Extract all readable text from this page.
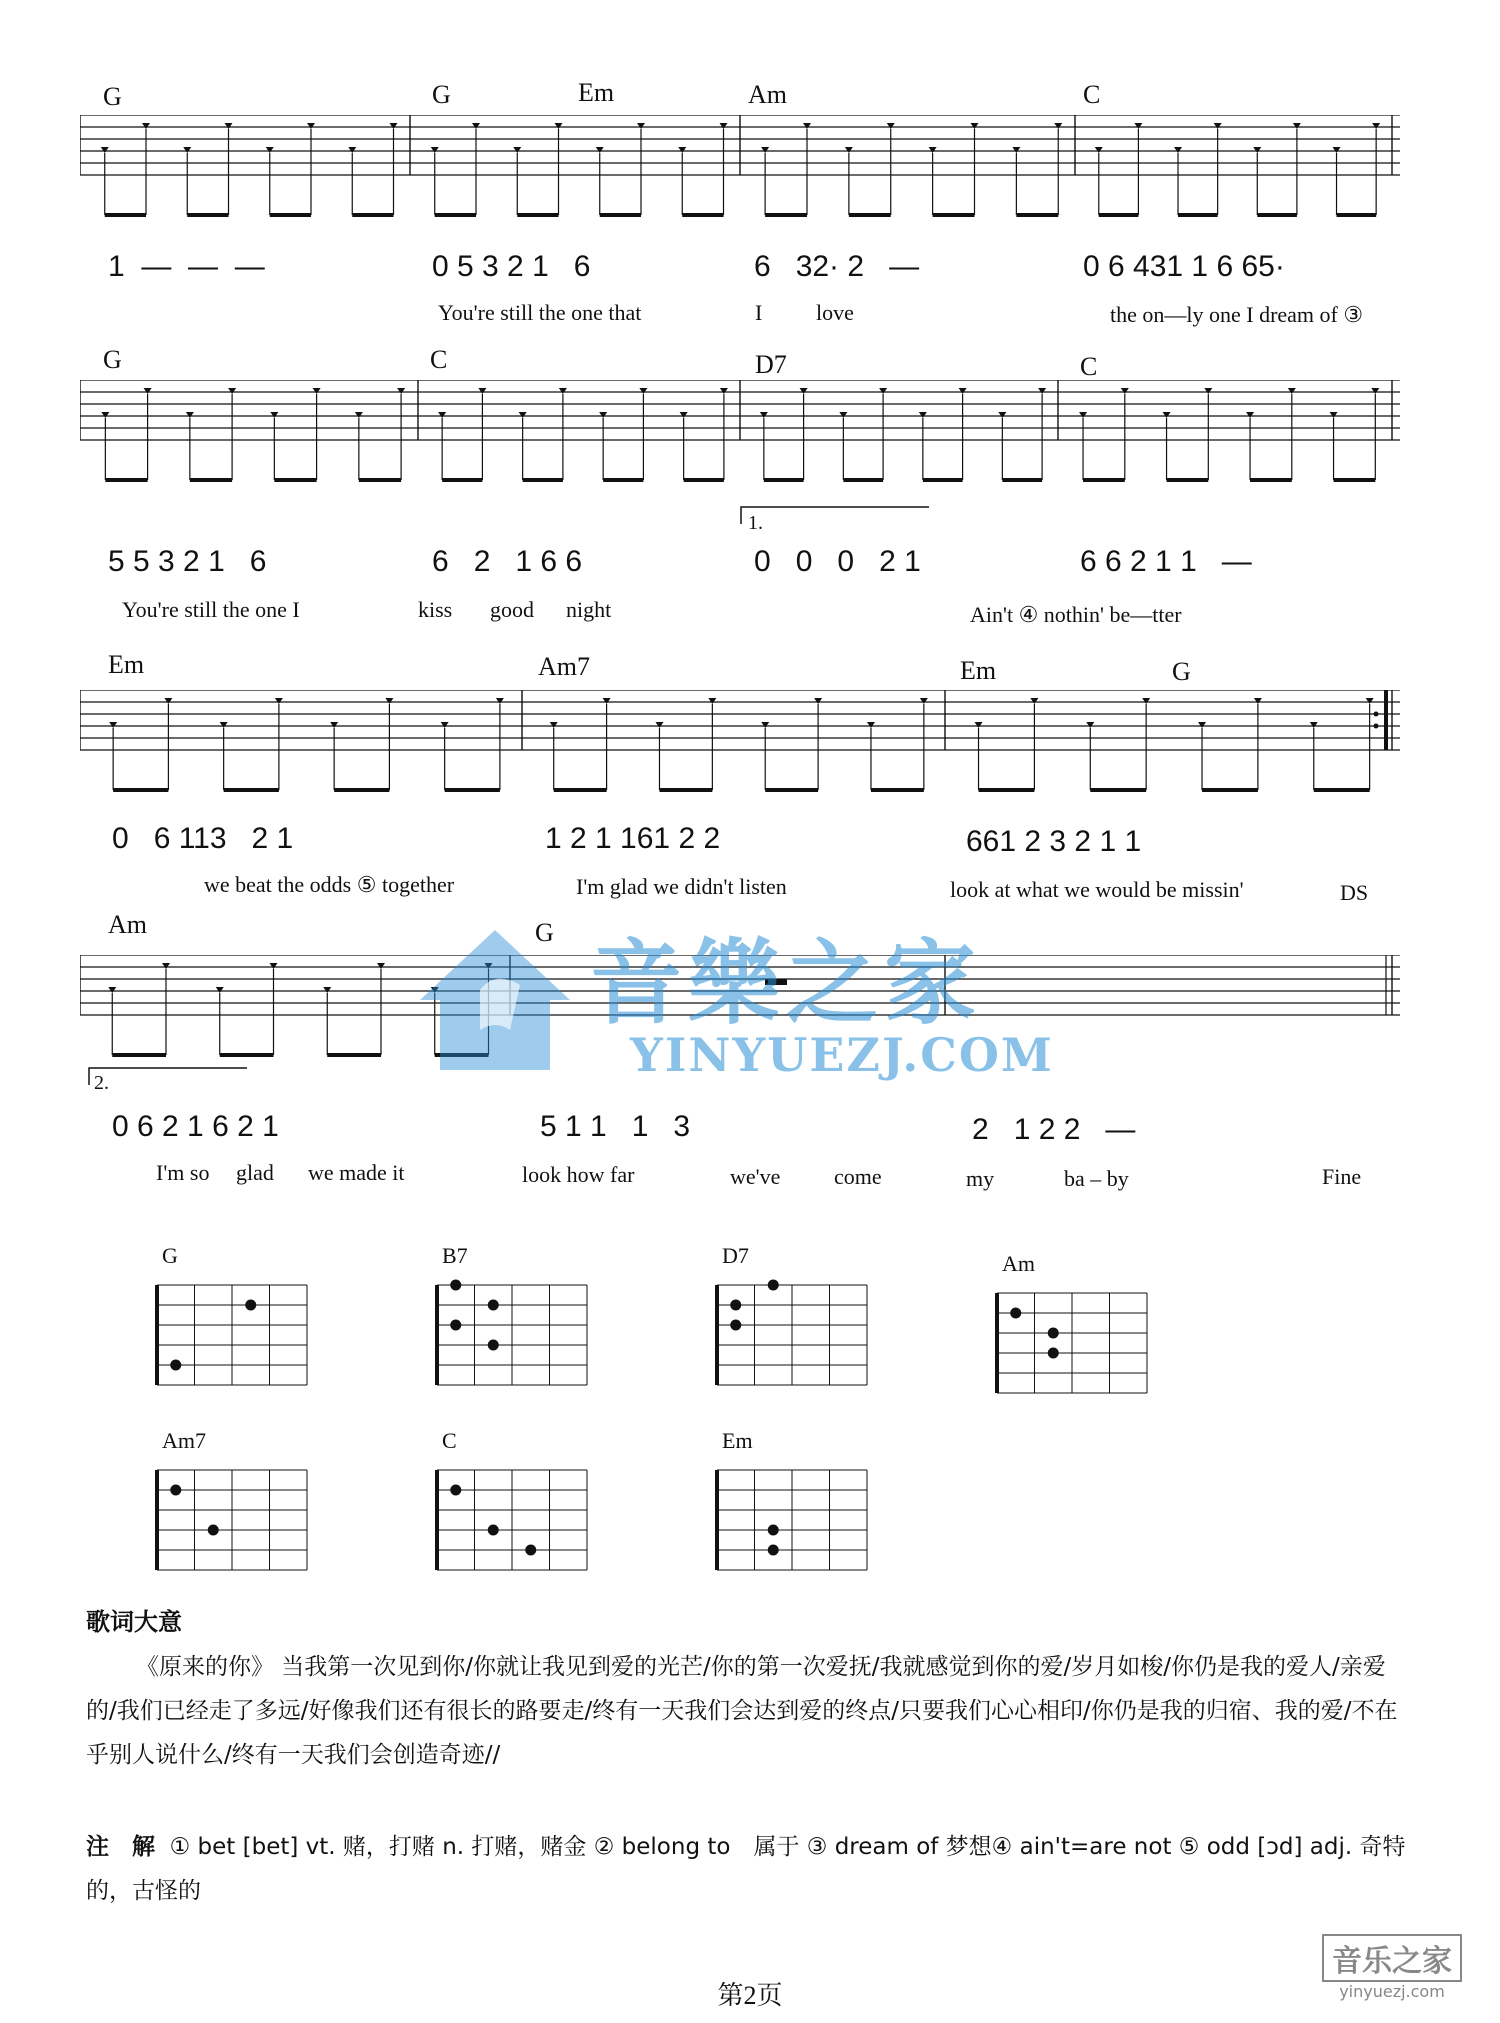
G	G	Em	Am	C
1  —  —  —	0 5 3 2 1   6	6   32· 2   —	0 6 431 1 6 65·
You're still the one that	I love	the on—ly one I dream of ③
G	C	D7	C
1.
5 5 3 2 1   6	6   2   1 6 6	0   0   0   2 1	6 6 2 1 1   —
You're still the one I	kiss good night	Ain't ④ nothin' be—tter
Em	Am7	Em	G
0   6 113   2 1	1 2 1 161 2 2	661 2 3 2 1 1
we beat the odds ⑤ together	I'm glad we didn't listen	look at what we would be missin'	DS
Am	G
2.
0 6 2 1 6 2 1	5 1 1   1   3	2   1 2 2   —
I'm so glad we made it	look how far	we've come	my	ba – by	Fine
音樂之家
YINYUEZJ.COM
G	B7	D7	Am
Am7	C	Em
歌词大意
《原来的你》 当我第一次见到你/你就让我见到爱的光芒/你的第一次爱抚/我就感觉到你的爱/岁月如梭/你仍是我的爱人/亲爱的/我们已经走了多远/好像我们还有很长的路要走/终有一天我们会达到爱的终点/只要我们心心相印/你仍是我的归宿、我的爱/不在乎别人说什么/终有一天我们会创造奇迹//
注　解 ① bet [bet] vt. 赌，打赌 n. 打赌，赌金 ② belong to　属于 ③ dream of 梦想④ ain't=are not ⑤ odd [ɔd] adj. 奇特的，古怪的
第2页
音乐之家
yinyuezj.com
